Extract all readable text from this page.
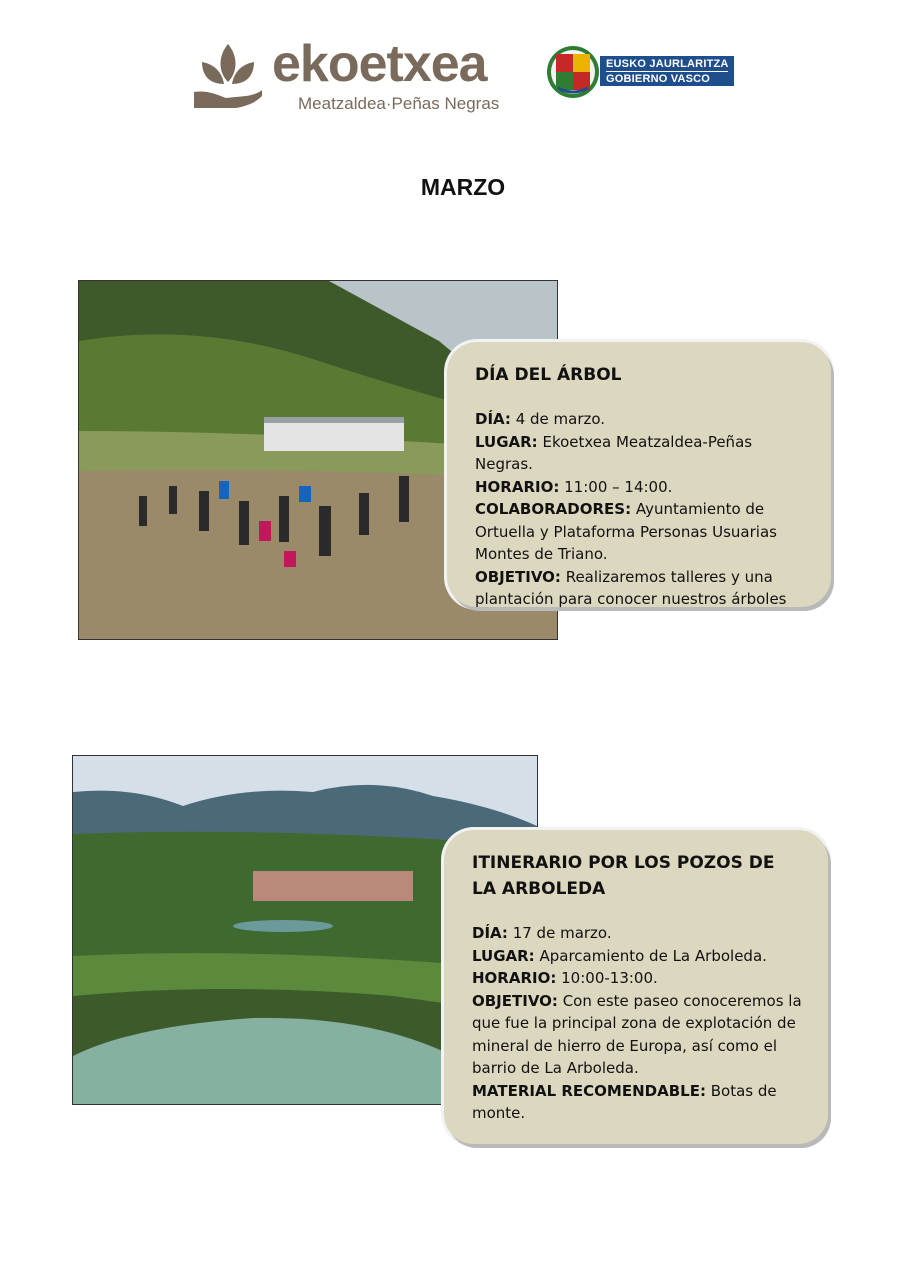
ekoetxea
Meatzaldea·Peñas Negras
EUSKO JAURLARITZA
GOBIERNO VASCO
MARZO
DÍA DEL ÁRBOL

DÍA: 4 de marzo.

LUGAR: Ekoetxea Meatzaldea-Peñas Negras.

HORARIO: 11:00 – 14:00.

COLABORADORES: Ayuntamiento de Ortuella y Plataforma Personas Usuarias Montes de Triano.

OBJETIVO: Realizaremos talleres y una plantación para conocer nuestros árboles

ITINERARIO POR LOS POZOS DE LA ARBOLEDA

DÍA: 17 de marzo.

LUGAR: Aparcamiento de La Arboleda.

HORARIO: 10:00-13:00.

OBJETIVO: Con este paseo conoceremos la que fue la principal zona de explotación de mineral de hierro de Europa, así como el barrio de La Arboleda.

MATERIAL RECOMENDABLE: Botas de monte.
